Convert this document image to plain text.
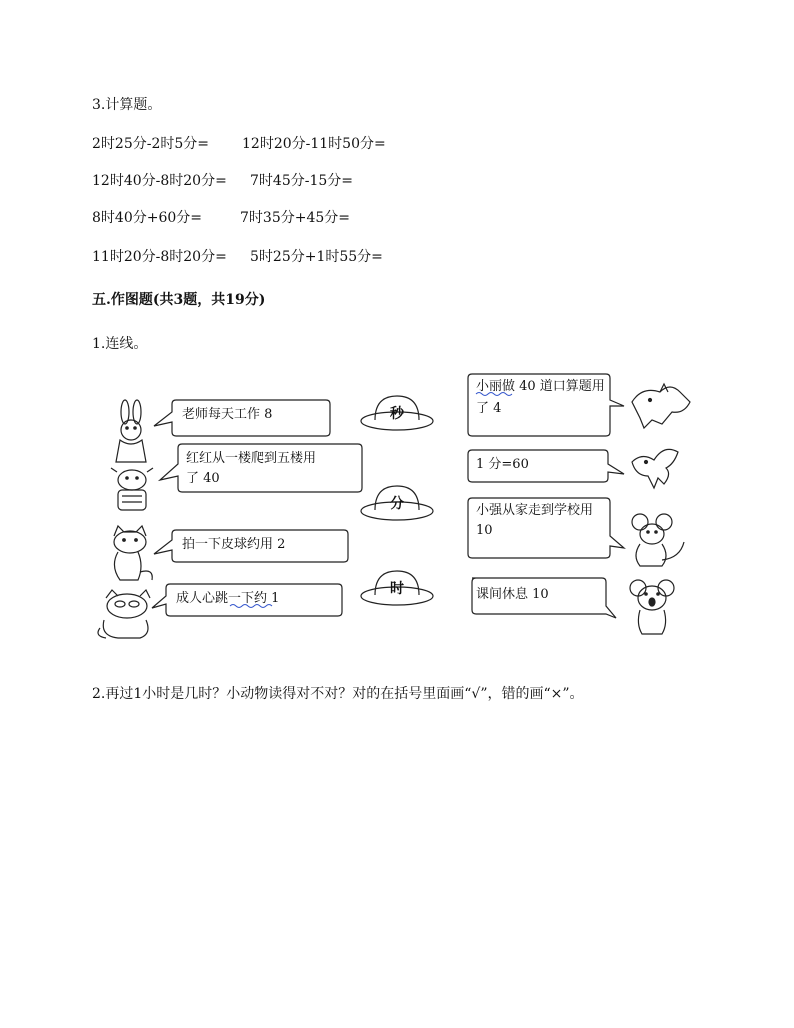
3.计算题。
2时25分-2时5分= 12时20分-11时50分=
12时40分-8时20分= 7时45分-15分=
8时40分+60分=	7时35分+45分=
11时20分-8时20分= 5时25分+1时55分=
五.作图题(共3题，共19分)
1.连线。
秒
分
时
老师每天工作 8
红红从一楼爬到五楼用
了 40
拍一下皮球约用 2
成人心跳一下约 1
小丽做 40 道口算题用
了 4
1 分=60
小强从家走到学校用
10
课间休息 10
2.再过1小时是几时？小动物读得对不对？对的在括号里面画“√”，错的画“×”。
